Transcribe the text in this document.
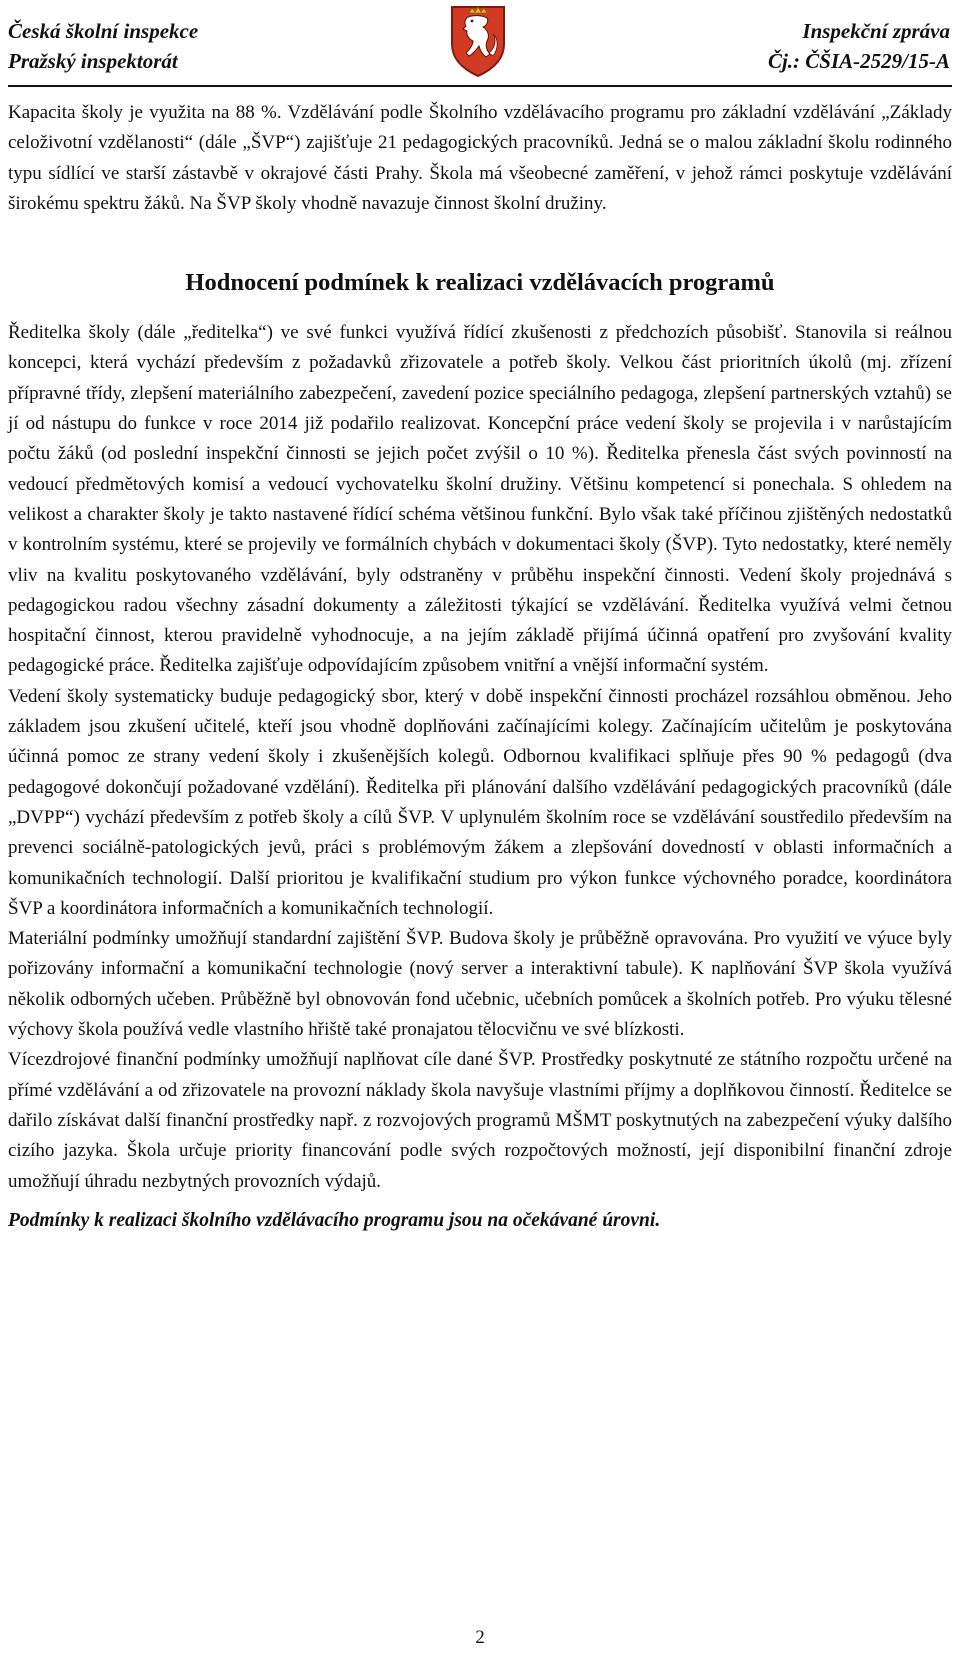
Česká školní inspekce
Pražský inspektorát
Inspekční zpráva
Čj.: ČŠIA-2529/15-A

Kapacita školy je využita na 88 %. Vzdělávání podle Školního vzdělávacího programu pro základní vzdělávání „Základy celoživotní vzdělanosti“ (dále „ŠVP“) zajišťuje 21 pedagogických pracovníků. Jedná se o malou základní školu rodinného typu sídlící ve starší zástavbě v okrajové části Prahy. Škola má všeobecné zaměření, v jehož rámci poskytuje vzdělávání širokému spektru žáků. Na ŠVP školy vhodně navazuje činnost školní družiny.

Hodnocení podmínek k realizaci vzdělávacích programů

Ředitelka školy (dále „ředitelka“) ve své funkci využívá řídící zkušenosti z předchozích působišť. Stanovila si reálnou koncepci, která vychází především z požadavků zřizovatele a potřeb školy. Velkou část prioritních úkolů (mj. zřízení přípravné třídy, zlepšení materiálního zabezpečení, zavedení pozice speciálního pedagoga, zlepšení partnerských vztahů) se jí od nástupu do funkce v roce 2014 již podařilo realizovat. Koncepční práce vedení školy se projevila i v narůstajícím počtu žáků (od poslední inspekční činnosti se jejich počet zvýšil o 10 %). Ředitelka přenesla část svých povinností na vedoucí předmětových komisí a vedoucí vychovatelku školní družiny. Většinu kompetencí si ponechala. S ohledem na velikost a charakter školy je takto nastavené řídící schéma většinou funkční. Bylo však také příčinou zjištěných nedostatků v kontrolním systému, které se projevily ve formálních chybách v dokumentaci školy (ŠVP). Tyto nedostatky, které neměly vliv na kvalitu poskytovaného vzdělávání, byly odstraněny v průběhu inspekční činnosti. Vedení školy projednává s pedagogickou radou všechny zásadní dokumenty a záležitosti týkající se vzdělávání. Ředitelka využívá velmi četnou hospitační činnost, kterou pravidelně vyhodnocuje, a na jejím základě přijímá účinná opatření pro zvyšování kvality pedagogické práce. Ředitelka zajišťuje odpovídajícím způsobem vnitřní a vnější informační systém.

Vedení školy systematicky buduje pedagogický sbor, který v době inspekční činnosti procházel rozsáhlou obměnou. Jeho základem jsou zkušení učitelé, kteří jsou vhodně doplňováni začínajícími kolegy. Začínajícím učitelům je poskytována účinná pomoc ze strany vedení školy i zkušenějších kolegů. Odbornou kvalifikaci splňuje přes 90 % pedagogů (dva pedagogové dokončují požadované vzdělání). Ředitelka při plánování dalšího vzdělávání pedagogických pracovníků (dále „DVPP“) vychází především z potřeb školy a cílů ŠVP. V uplynulém školním roce se vzdělávání soustředilo především na prevenci sociálně-patologických jevů, práci s problémovým žákem a zlepšování dovedností v oblasti informačních a komunikačních technologií. Další prioritou je kvalifikační studium pro výkon funkce výchovného poradce, koordinátora ŠVP a koordinátora informačních a komunikačních technologií.

Materiální podmínky umožňují standardní zajištění ŠVP. Budova školy je průběžně opravována. Pro využití ve výuce byly pořizovány informační a komunikační technologie (nový server a interaktivní tabule). K naplňování ŠVP škola využívá několik odborných učeben. Průběžně byl obnovován fond učebnic, učebních pomůcek a školních potřeb. Pro výuku tělesné výchovy škola používá vedle vlastního hřiště také pronajatou tělocvičnu ve své blízkosti.

Vícezdrojové finanční podmínky umožňují naplňovat cíle dané ŠVP. Prostředky poskytnuté ze státního rozpočtu určené na přímé vzdělávání a od zřizovatele na provozní náklady škola navyšuje vlastními příjmy a doplňkovou činností. Ředitelce se dařilo získávat další finanční prostředky např. z rozvojových programů MŠMT poskytnutých na zabezpečení výuky dalšího cizího jazyka. Škola určuje priority financování podle svých rozpočtových možností, její disponibilní finanční zdroje umožňují úhradu nezbytných provozních výdajů.

Podmínky k realizaci školního vzdělávacího programu jsou na očekávané úrovni.

2
